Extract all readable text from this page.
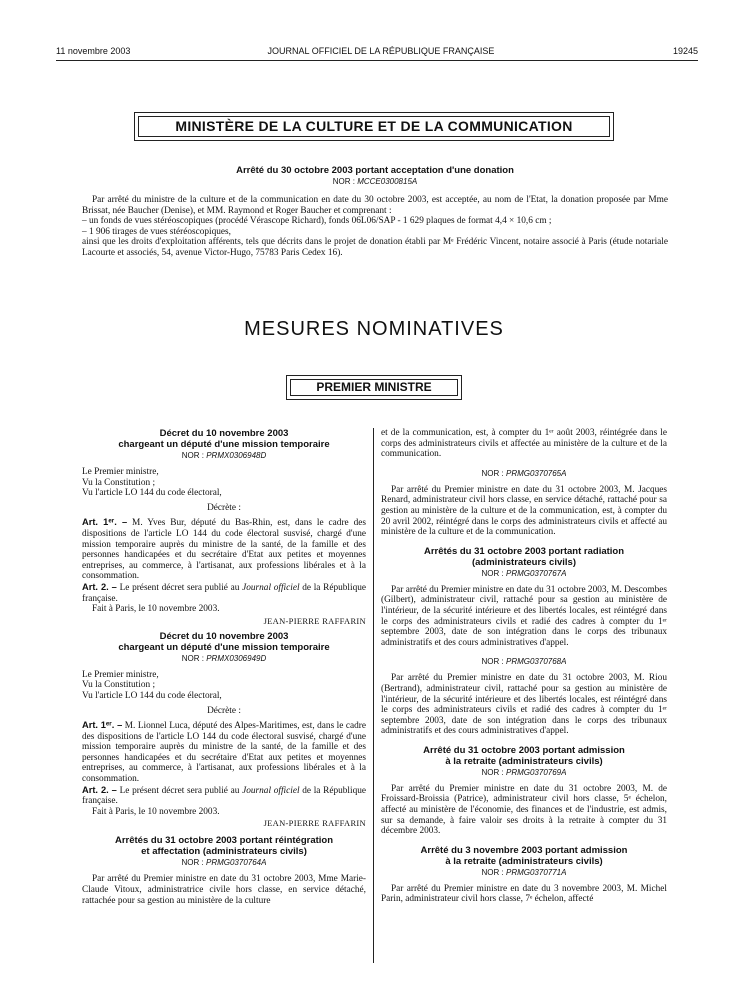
11 novembre 2003	JOURNAL OFFICIEL DE LA RÉPUBLIQUE FRANÇAISE	19245
MINISTÈRE DE LA CULTURE ET DE LA COMMUNICATION
Arrêté du 30 octobre 2003 portant acceptation d'une donation
NOR : MCCE0300815A
Par arrêté du ministre de la culture et de la communication en date du 30 octobre 2003, est acceptée, au nom de l'Etat, la donation proposée par Mme Brissat, née Baucher (Denise), et MM. Raymond et Roger Baucher et comprenant :
– un fonds de vues stéréoscopiques (procédé Vérascope Richard), fonds 06L06/SAP - 1 629 plaques de format 4,4 × 10,6 cm ;
– 1 906 tirages de vues stéréoscopiques,
ainsi que les droits d'exploitation afférents, tels que décrits dans le projet de donation établi par Mᵉ Frédéric Vincent, notaire associé à Paris (étude notariale Lacourte et associés, 54, avenue Victor-Hugo, 75783 Paris Cedex 16).
MESURES NOMINATIVES
PREMIER MINISTRE
Décret du 10 novembre 2003
chargeant un député d'une mission temporaire
NOR : PRMX0306948D
Le Premier ministre,
Vu la Constitution ;
Vu l'article LO 144 du code électoral,
Décrète :
Art. 1ᵉʳ. – M. Yves Bur, député du Bas-Rhin, est, dans le cadre des dispositions de l'article LO 144 du code électoral susvisé, chargé d'une mission temporaire auprès du ministre de la santé, de la famille et des personnes handicapées et du secrétaire d'Etat aux petites et moyennes entreprises, au commerce, à l'artisanat, aux professions libérales et à la consommation.
Art. 2. – Le présent décret sera publié au Journal officiel de la République française.
Fait à Paris, le 10 novembre 2003.
JEAN-PIERRE RAFFARIN
Décret du 10 novembre 2003
chargeant un député d'une mission temporaire
NOR : PRMX0306949D
Le Premier ministre,
Vu la Constitution ;
Vu l'article LO 144 du code électoral,
Décrète :
Art. 1ᵉʳ. – M. Lionnel Luca, député des Alpes-Maritimes, est, dans le cadre des dispositions de l'article LO 144 du code électoral susvisé, chargé d'une mission temporaire auprès du ministre de la santé, de la famille et des personnes handicapées et du secrétaire d'Etat aux petites et moyennes entreprises, au commerce, à l'artisanat, aux professions libérales et à la consommation.
Art. 2. – Le présent décret sera publié au Journal officiel de la République française.
Fait à Paris, le 10 novembre 2003.
JEAN-PIERRE RAFFARIN
Arrêtés du 31 octobre 2003 portant réintégration
et affectation (administrateurs civils)
NOR : PRMG0370764A
Par arrêté du Premier ministre en date du 31 octobre 2003, Mme Marie-Claude Vitoux, administratrice civile hors classe, en service détaché, rattachée pour sa gestion au ministère de la culture
et de la communication, est, à compter du 1ᵉʳ août 2003, réintégrée dans le corps des administrateurs civils et affectée au ministère de la culture et de la communication.
NOR : PRMG0370765A
Par arrêté du Premier ministre en date du 31 octobre 2003, M. Jacques Renard, administrateur civil hors classe, en service détaché, rattaché pour sa gestion au ministère de la culture et de la communication, est, à compter du 20 avril 2002, réintégré dans le corps des administrateurs civils et affecté au ministère de la culture et de la communication.
Arrêtés du 31 octobre 2003 portant radiation
(administrateurs civils)
NOR : PRMG0370767A
Par arrêté du Premier ministre en date du 31 octobre 2003, M. Descombes (Gilbert), administrateur civil, rattaché pour sa gestion au ministère de l'intérieur, de la sécurité intérieure et des libertés locales, est réintégré dans le corps des administrateurs civils et radié des cadres à compter du 1ᵉʳ septembre 2003, date de son intégration dans le corps des tribunaux administratifs et des cours administratives d'appel.
NOR : PRMG0370768A
Par arrêté du Premier ministre en date du 31 octobre 2003, M. Riou (Bertrand), administrateur civil, rattaché pour sa gestion au ministère de l'intérieur, de la sécurité intérieure et des libertés locales, est réintégré dans le corps des administrateurs civils et radié des cadres à compter du 1ᵉʳ septembre 2003, date de son intégration dans le corps des tribunaux administratifs et des cours administratives d'appel.
Arrêté du 31 octobre 2003 portant admission
à la retraite (administrateurs civils)
NOR : PRMG0370769A
Par arrêté du Premier ministre en date du 31 octobre 2003, M. de Froissard-Broissia (Patrice), administrateur civil hors classe, 5ᵉ échelon, affecté au ministère de l'économie, des finances et de l'industrie, est admis, sur sa demande, à faire valoir ses droits à la retraite à compter du 31 décembre 2003.
Arrêté du 3 novembre 2003 portant admission
à la retraite (administrateurs civils)
NOR : PRMG0370771A
Par arrêté du Premier ministre en date du 3 novembre 2003, M. Michel Parin, administrateur civil hors classe, 7ᵉ échelon, affecté
